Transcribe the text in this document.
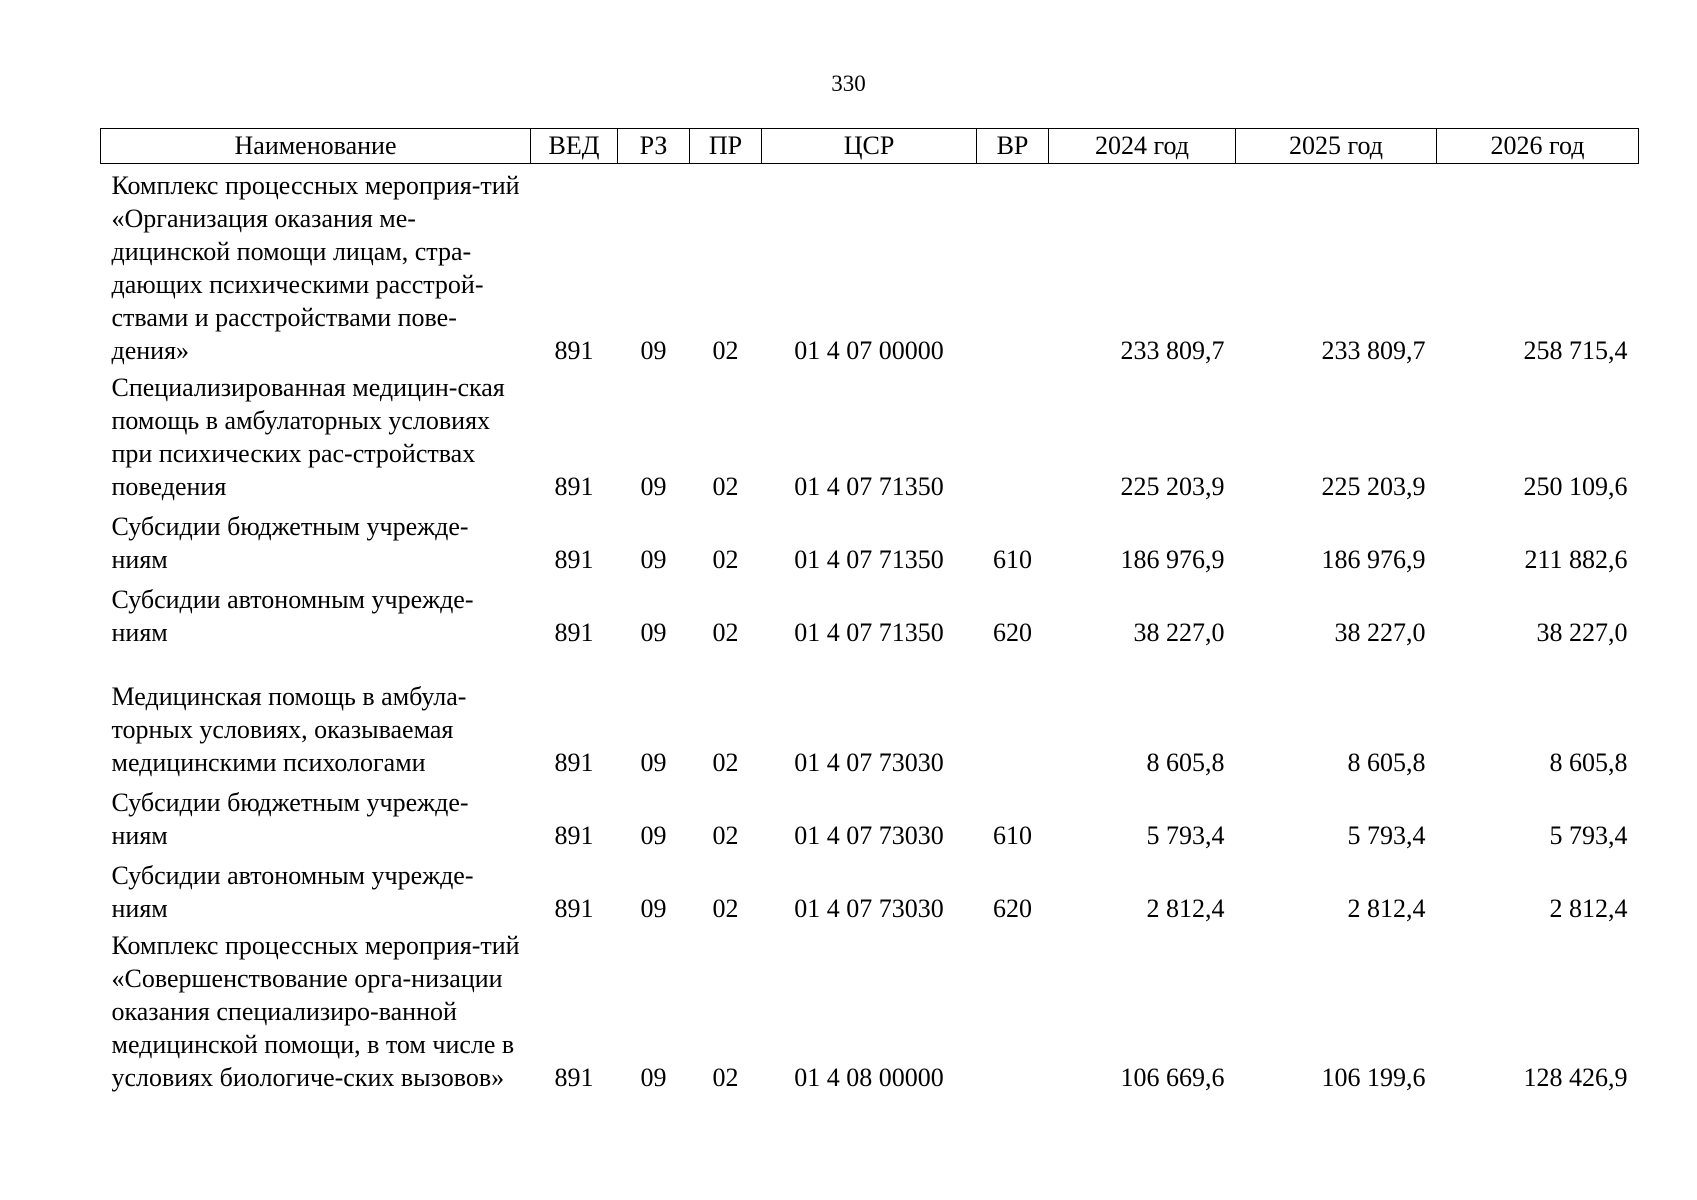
330
Наименование	ВЕД	РЗ	ПР	ЦСР	ВР	2024 год	2025 год	2026 год
Комплекс процессных мероприя-тий «Организация оказания ме-дицинской помощи лицам, стра-дающих психическими расстрой-ствами и расстройствами пове-дения»	891	09	02	01 4 07 00000		233 809,7	233 809,7	258 715,4
Специализированная медицин-ская помощь в амбулаторных условиях при психических рас-стройствах поведения	891	09	02	01 4 07 71350		225 203,9	225 203,9	250 109,6
Субсидии бюджетным учрежде-ниям	891	09	02	01 4 07 71350	610	186 976,9	186 976,9	211 882,6
Субсидии автономным учрежде-ниям	891	09	02	01 4 07 71350	620	38 227,0	38 227,0	38 227,0
Медицинская помощь в амбула-торных условиях, оказываемая медицинскими психологами	891	09	02	01 4 07 73030		8 605,8	8 605,8	8 605,8
Субсидии бюджетным учрежде-ниям	891	09	02	01 4 07 73030	610	5 793,4	5 793,4	5 793,4
Субсидии автономным учрежде-ниям	891	09	02	01 4 07 73030	620	2 812,4	2 812,4	2 812,4
Комплекс процессных мероприя-тий «Совершенствование орга-низации оказания специализиро-ванной медицинской помощи, в том числе в условиях биологиче-ских вызовов»	891	09	02	01 4 08 00000		106 669,6	106 199,6	128 426,9
